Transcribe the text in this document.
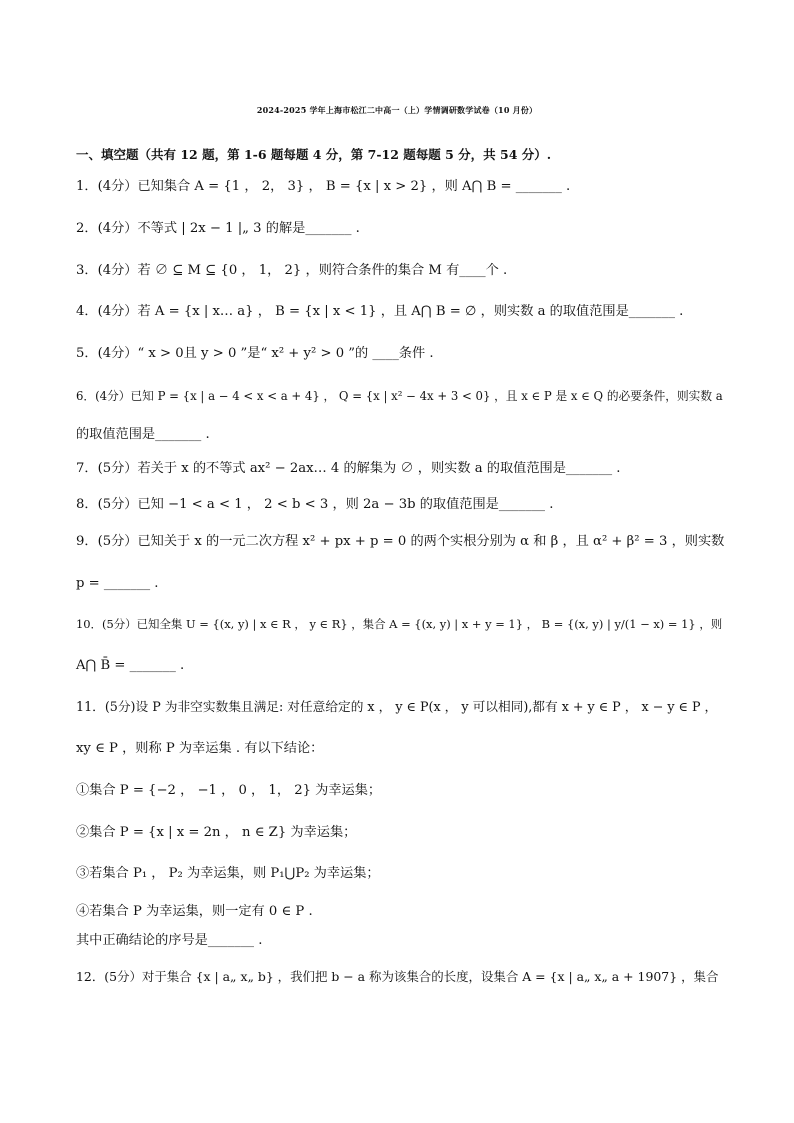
2024-2025 学年上海市松江二中高一（上）学情调研数学试卷（10 月份）
一、填空题（共有 12 题，第 1-6 题每题 4 分，第 7-12 题每题 5 分，共 54 分）.
1．(4分）已知集合 A = {1 ， 2， 3} ， B = {x | x > 2} ，则 A⋂ B = _______ .
2．(4分）不等式 | 2x − 1 |„ 3 的解是_______ .
3．(4分）若 ∅ ⊆ M ⊆ {0 ， 1， 2} ，则符合条件的集合 M 有____个 .
4．(4分）若 A = {x | x… a} ， B = {x | x < 1} ，且 A⋂ B = ∅ ，则实数 a 的取值范围是_______ .
5．(4分）“ x > 0且 y > 0 ”是“ x² + y² > 0 ”的 ____条件 .
6．(4分）已知 P = {x | a − 4 < x < a + 4} ， Q = {x | x² − 4x + 3 < 0} ，且 x ∈ P 是 x ∈ Q 的必要条件，则实数 a
的取值范围是_______ .
7．(5分）若关于 x 的不等式 ax² − 2ax… 4 的解集为 ∅ ，则实数 a 的取值范围是_______ .
8．(5分）已知 −1 < a < 1 ， 2 < b < 3 ，则 2a − 3b 的取值范围是_______ .
9．(5分）已知关于 x 的一元二次方程 x² + px + p = 0 的两个实根分别为 α 和 β ，且 α² + β² = 3 ，则实数
p = _______ .
10．(5分）已知全集 U = {(x, y) | x ∈ R ， y ∈ R} ，集合 A = {(x, y) | x + y = 1} ， B = {(x, y) | y/(1 − x) = 1} ，则
A⋂ B̄ = _______ .
11．(5分)设 P 为非空实数集且满足: 对任意给定的 x ， y ∈ P(x ， y 可以相同),都有 x + y ∈ P ， x − y ∈ P ，
xy ∈ P ，则称 P 为幸运集 . 有以下结论：
①集合 P = {−2 ， −1 ， 0 ， 1， 2} 为幸运集；
②集合 P = {x | x = 2n ， n ∈ Z} 为幸运集；
③若集合 P₁ ， P₂ 为幸运集，则 P₁⋃P₂ 为幸运集；
④若集合 P 为幸运集，则一定有 0 ∈ P .
其中正确结论的序号是_______ .
12．(5分）对于集合 {x | a„ x„ b} ，我们把 b − a 称为该集合的长度，设集合 A = {x | a„ x„ a + 1907} ，集合
